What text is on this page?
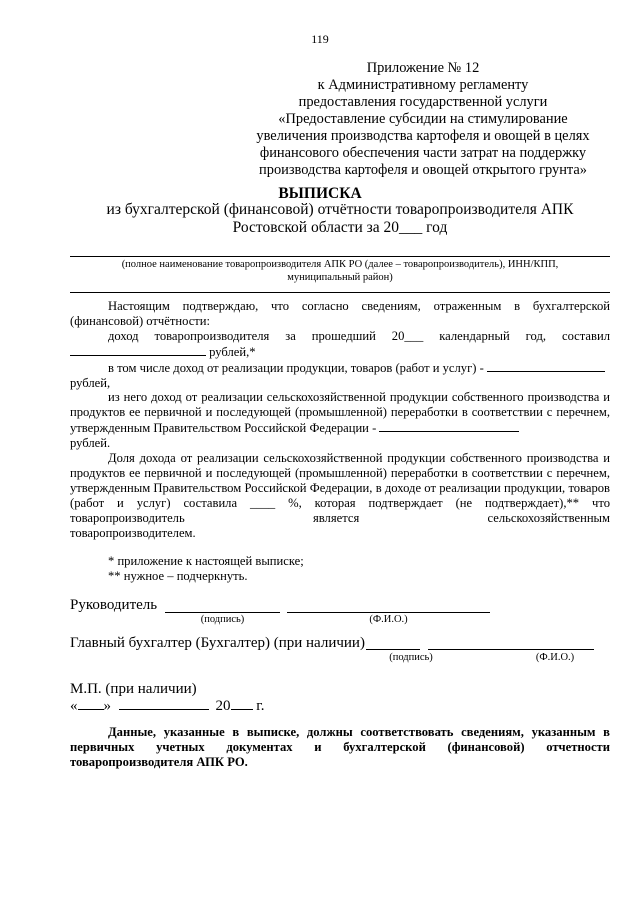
119
Приложение № 12
к Административному регламенту
предоставления государственной услуги
«Предоставление субсидии на стимулирование
увеличения производства картофеля и овощей в целях
финансового обеспечения части затрат на поддержку
производства картофеля и овощей открытого грунта»
ВЫПИСКА
из бухгалтерской (финансовой) отчётности товаропроизводителя АПК
Ростовской области за 20___ год
(полное наименование товаропроизводителя АПК РО (далее – товаропроизводитель), ИНН/КПП,
муниципальный район)

Настоящим подтверждаю, что согласно сведениям, отраженным в бухгалтерской

(финансовой) отчётности:

доход товаропроизводителя за прошедший 20___ календарный год, составил

рублей,*

в том числе доход от реализации продукции, товаров (работ и услуг) -

рублей,

из него доход от реализации сельскохозяйственной продукции собственного производства и продуктов ее первичной и последующей (промышленной) переработки в соответствии с перечнем, утвержденным Правительством Российской Федерации -

рублей.

Доля дохода от реализации сельскохозяйственной продукции собственного производства и продуктов ее первичной и последующей (промышленной) переработки в соответствии с перечнем, утвержденным Правительством Российской Федерации, в доходе от реализации продукции, товаров (работ и услуг) составила ____ %, которая подтверждает (не подтверждает),** что товаропроизводитель является сельскохозяйственным

товаропроизводителем.

* приложение к настоящей выписке;
** нужное – подчеркнуть.
Руководитель
(подпись)	(Ф.И.О.)
Главный бухгалтер (Бухгалтер) (при наличии)
(подпись)	(Ф.И.О.)
М.П. (при наличии)
« »	20 г.
Данные, указанные в выписке, должны соответствовать сведениям, указанным в первичных учетных документах и бухгалтерской (финансовой) отчетности товаропроизводителя АПК РО.
